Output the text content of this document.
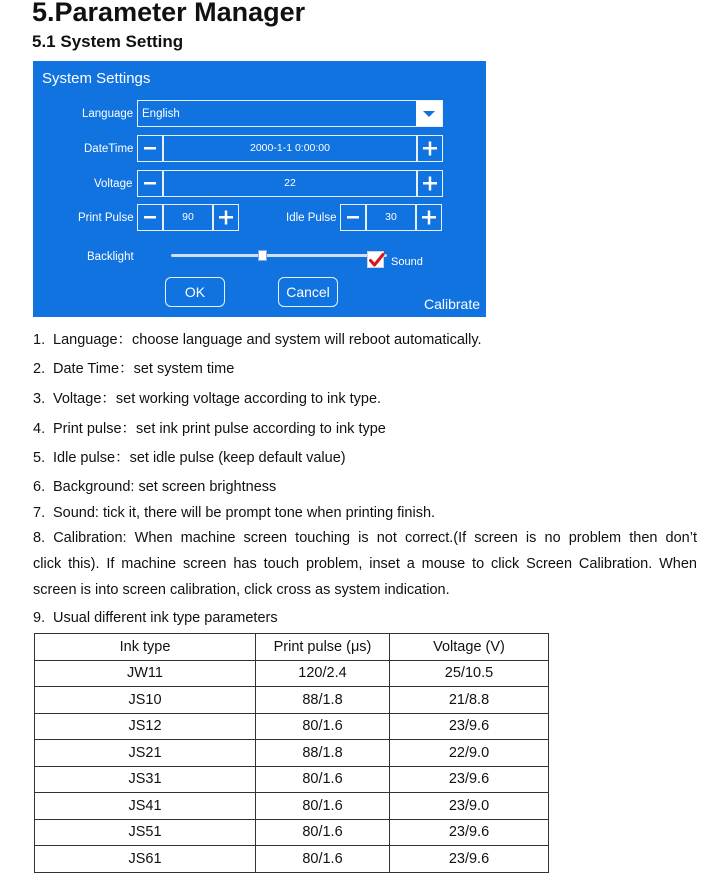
5.Parameter Manager
5.1 System Setting
System Settings
Language English
DateTime	2000-1-1 0:00:00
Voltage	22
Print Pulse	90	Idle Pulse	30
Backlight	Sound
OK	Cancel
Calibrate
1. Language：choose language and system will reboot automatically.
2. Date Time：set system time
3. Voltage：set working voltage according to ink type.
4. Print pulse：set ink print pulse according to ink type
5. Idle pulse：set idle pulse (keep default value)
6. Background: set screen brightness
7. Sound: tick it, there will be prompt tone when printing finish.
8. Calibration: When machine screen touching is not correct.(If screen is no problem then don’t
click this). If machine screen has touch problem, inset a mouse to click Screen Calibration. When
screen is into screen calibration, click cross as system indication.
9. Usual different ink type parameters
Ink type	Print pulse (μs)	Voltage (V)
JW11	120/2.4	25/10.5
JS10	88/1.8	21/8.8
JS12	80/1.6	23/9.6
JS21	88/1.8	22/9.0
JS31	80/1.6	23/9.6
JS41	80/1.6	23/9.0
JS51	80/1.6	23/9.6
JS61	80/1.6	23/9.6
